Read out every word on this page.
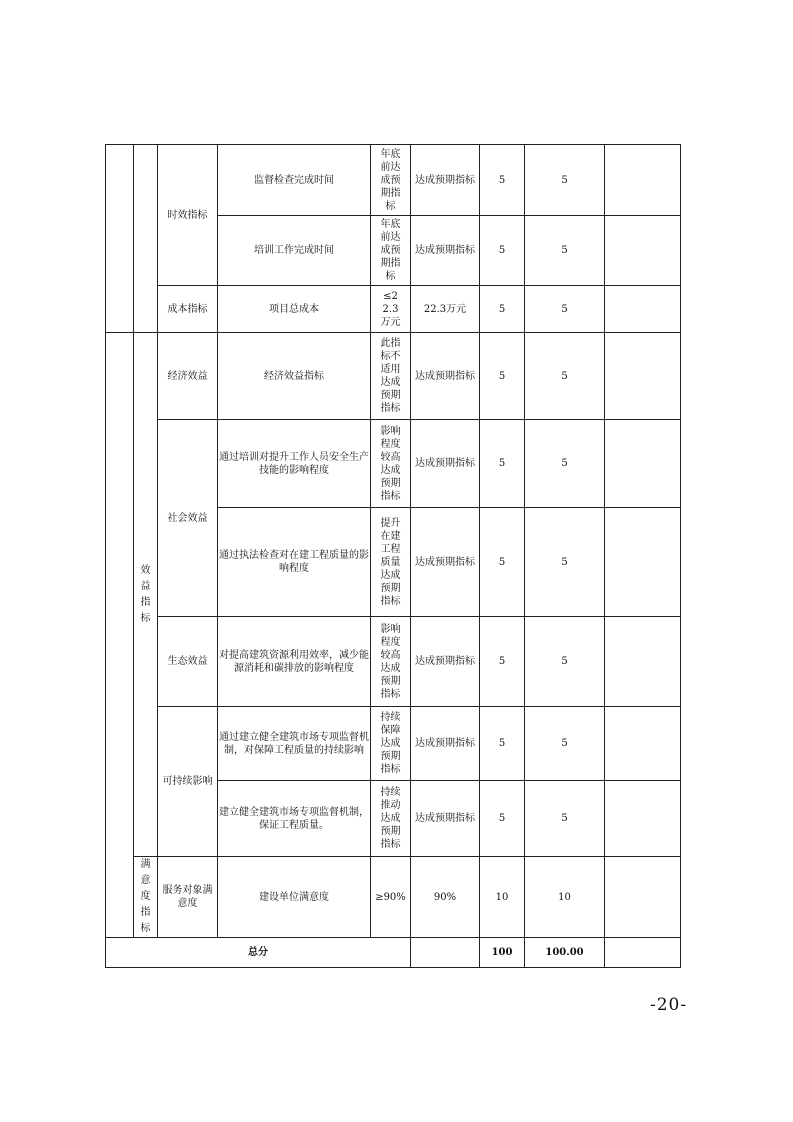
		时效指标	监督检查完成时间	年底前达成预期指标	达成预期指标	5	5	
			培训工作完成时间	年底前达成预期指标	达成预期指标	5	5	
		成本指标	项目总成本	≤22.3万元	22.3万元	5	5	
	效益指标	经济效益	经济效益指标	此指标不适用达成预期指标	达成预期指标	5	5	
		社会效益	通过培训对提升工作人员安全生产技能的影响程度	影响程度较高达成预期指标	达成预期指标	5	5	
			通过执法检查对在建工程质量的影响程度	提升在建工程质量达成预期指标	达成预期指标	5	5	
		生态效益	对提高建筑资源利用效率，减少能源消耗和碳排放的影响程度	影响程度较高达成预期指标	达成预期指标	5	5	
		可持续影响	通过建立健全建筑市场专项监督机制，对保障工程质量的持续影响	持续保障达成预期指标	达成预期指标	5	5	
			建立健全建筑市场专项监督机制，保证工程质量。	持续推动达成预期指标	达成预期指标	5	5	
	满意度指标	服务对象满意度	建设单位满意度	≥90%	90%	10	10	
总分						100	100.00	
-20-
